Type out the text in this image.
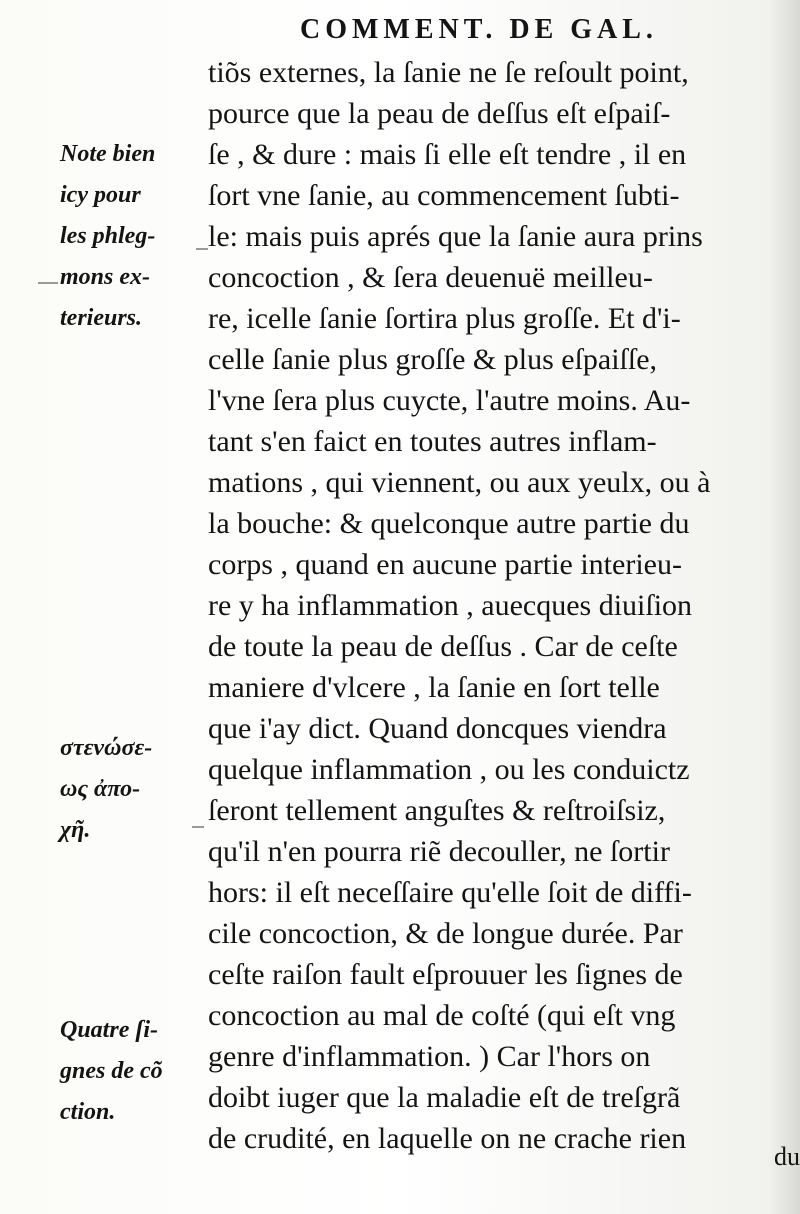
COMMENT. DE GAL.
Note bien
icy pour
les phleg-
mons ex-
terieurs.
στενώσε-
ως ἀπο-
χῆ.
Quatre ſi-
gnes de cõ
ction.
tiõs externes, la ſanie ne ſe reſoult point,
pource que la peau de deſſus eſt eſpaiſ-
ſe , & dure : mais ſi elle eſt tendre , il en
ſort vne ſanie, au commencement ſubti-
le: mais puis aprés que la ſanie aura prins
concoction , & ſera deuenuë meilleu-
re, icelle ſanie ſortira plus groſſe. Et d'i-
celle ſanie plus groſſe & plus eſpaiſſe,
l'vne ſera plus cuycte, l'autre moins. Au-
tant s'en faict en toutes autres inflam-
mations , qui viennent, ou aux yeulx, ou à
la bouche: & quelconque autre partie du
corps , quand en aucune partie interieu-
re y ha inflammation , auecques diuiſion
de toute la peau de deſſus . Car de ceſte
maniere d'vlcere , la ſanie en ſort telle
que i'ay dict. Quand doncques viendra
quelque inflammation , ou les conduictz
ſeront tellement anguſtes & reſtroiſsiz,
qu'il n'en pourra riẽ decouller, ne ſortir
hors: il eſt neceſſaire qu'elle ſoit de diffi-
cile concoction, & de longue durée. Par
ceſte raiſon fault eſprouuer les ſignes de
concoction au mal de coſté (qui eſt vng
genre d'inflammation. ) Car l'hors on
doibt iuger que la maladie eſt de treſgrã
de crudité, en laquelle on ne crache rien
du
